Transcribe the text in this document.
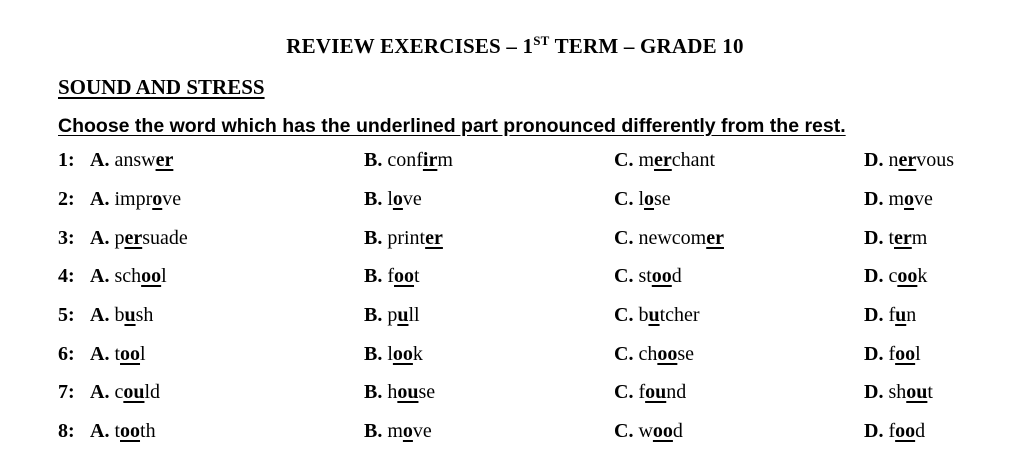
REVIEW EXERCISES – 1ST TERM – GRADE 10
SOUND AND STRESS
Choose the word which has the underlined part pronounced differently from the rest.
1: A. answer	B. confirm	C. merchant	D. nervous
2: A. improve	B. love	C. lose	D. move
3: A. persuade	B. printer	C. newcomer	D. term
4: A. school	B. foot	C. stood	D. cook
5: A. bush	B. pull	C. butcher	D. fun
6: A. tool	B. look	C. choose	D. fool
7: A. could	B. house	C. found	D. shout
8: A. tooth	B. move	C. wood	D. food
